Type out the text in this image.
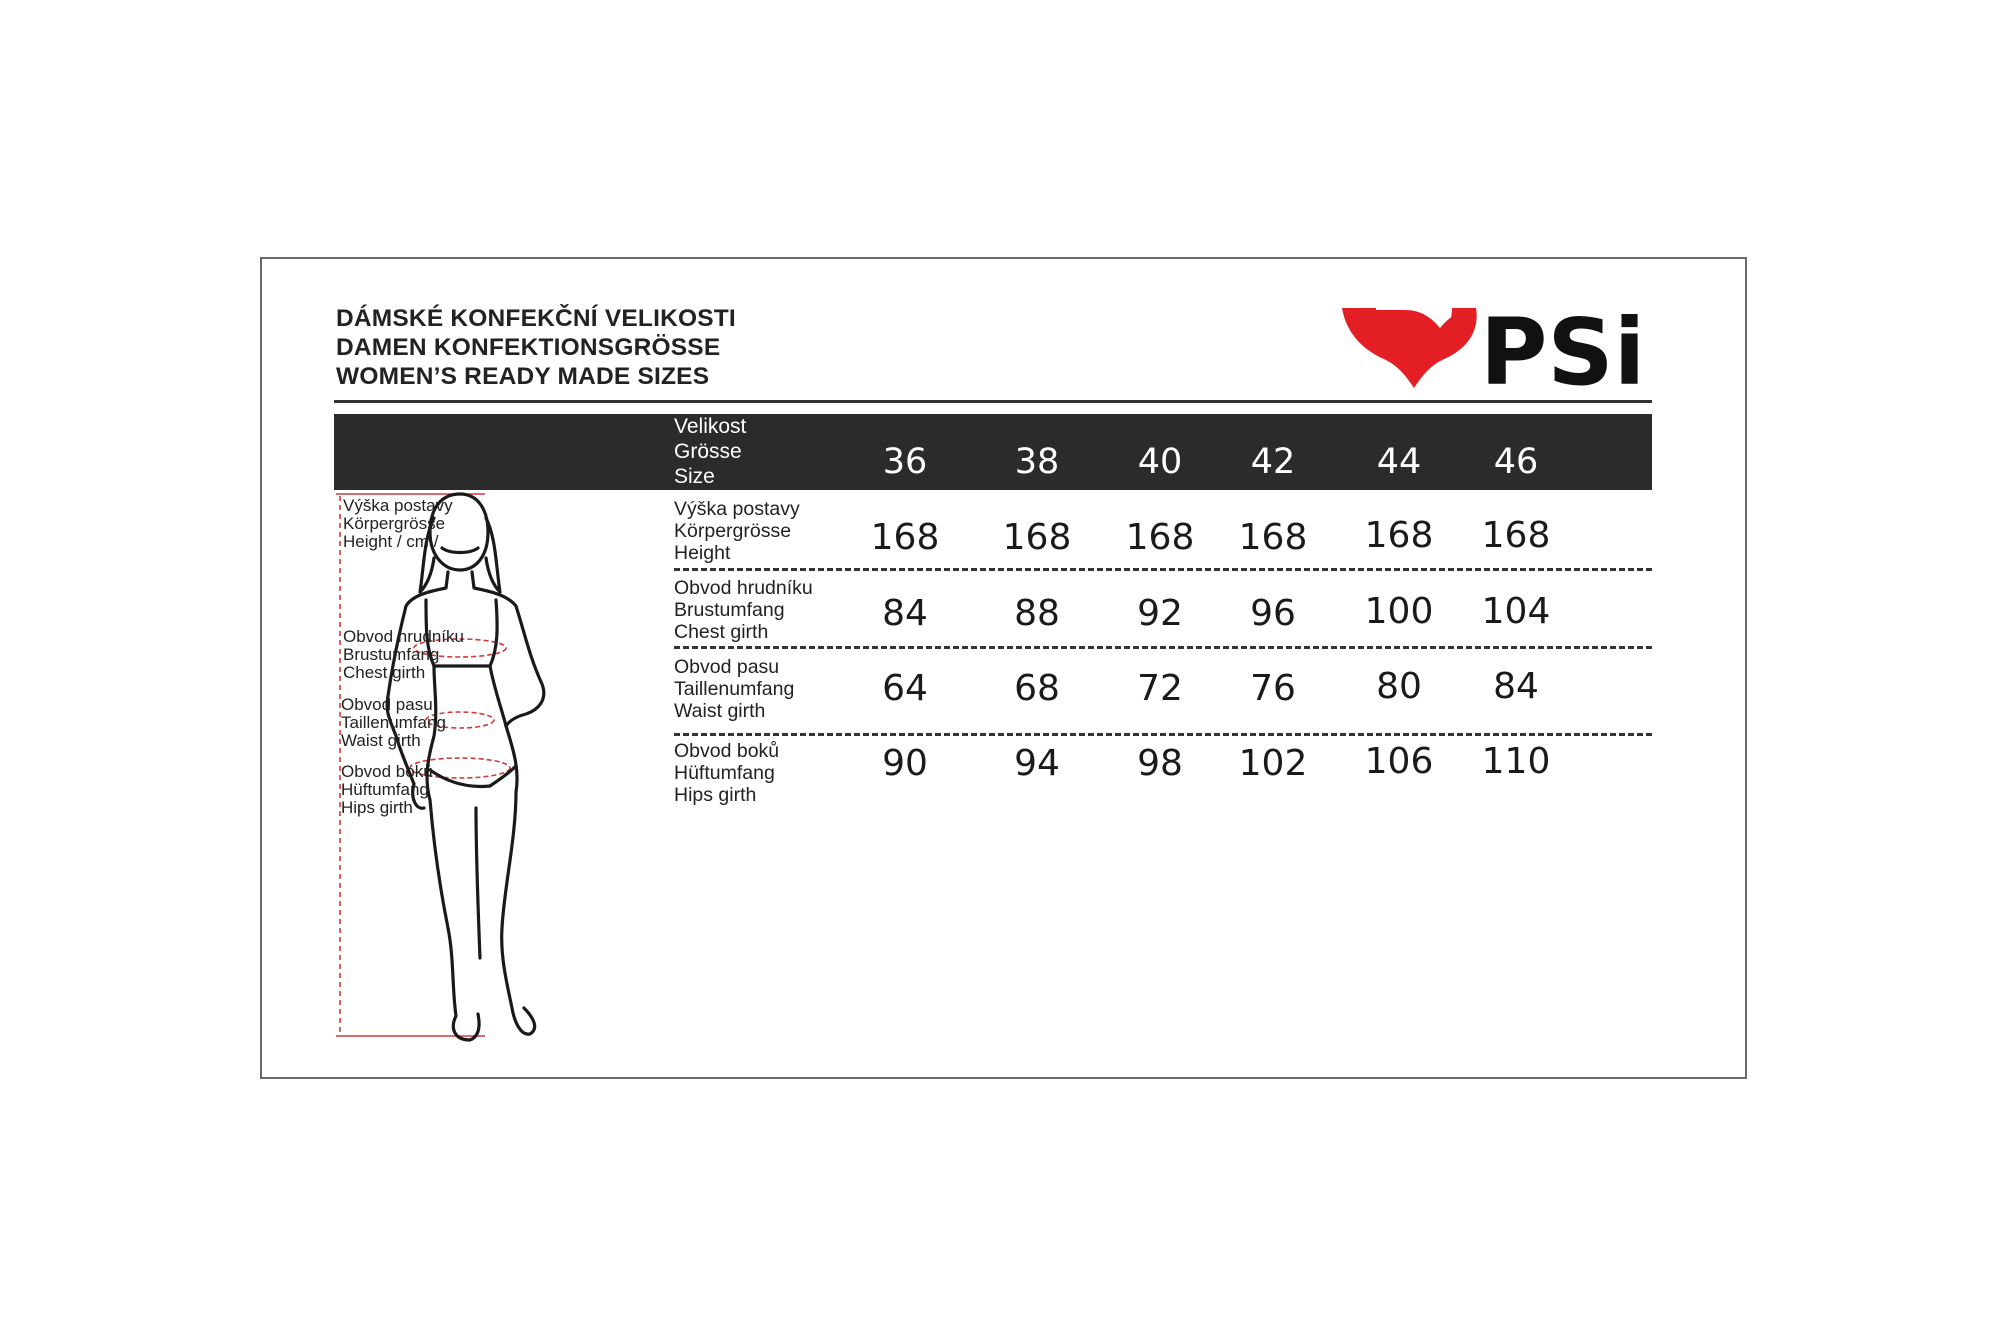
DÁMSKÉ KONFEKČNÍ VELIKOSTI
DAMEN KONFEKTIONSGRÖSSE
WOMEN’S READY MADE SIZES	PSi
Velikost
Grösse
Size	36	38	40	42	44	46
Výška postavy
Körpergrösse
Height	168	168	168	168	168	168
Obvod hrudníku
Brustumfang
Chest girth	84	88	92	96	100	104
Obvod pasu
Taillenumfang
Waist girth
64	68	72	76	80	84
Obvod boků
Hüftumfang
Hips girth
90	94	98	102	106	110
Výška postavy
Körpergrösse
Height / cm /
Obvod hrudníku
Brustumfang
Chest girth
Obvod pasu
Taillenumfang
Waist girth
Obvod boků
Hüftumfang
Hips girth
